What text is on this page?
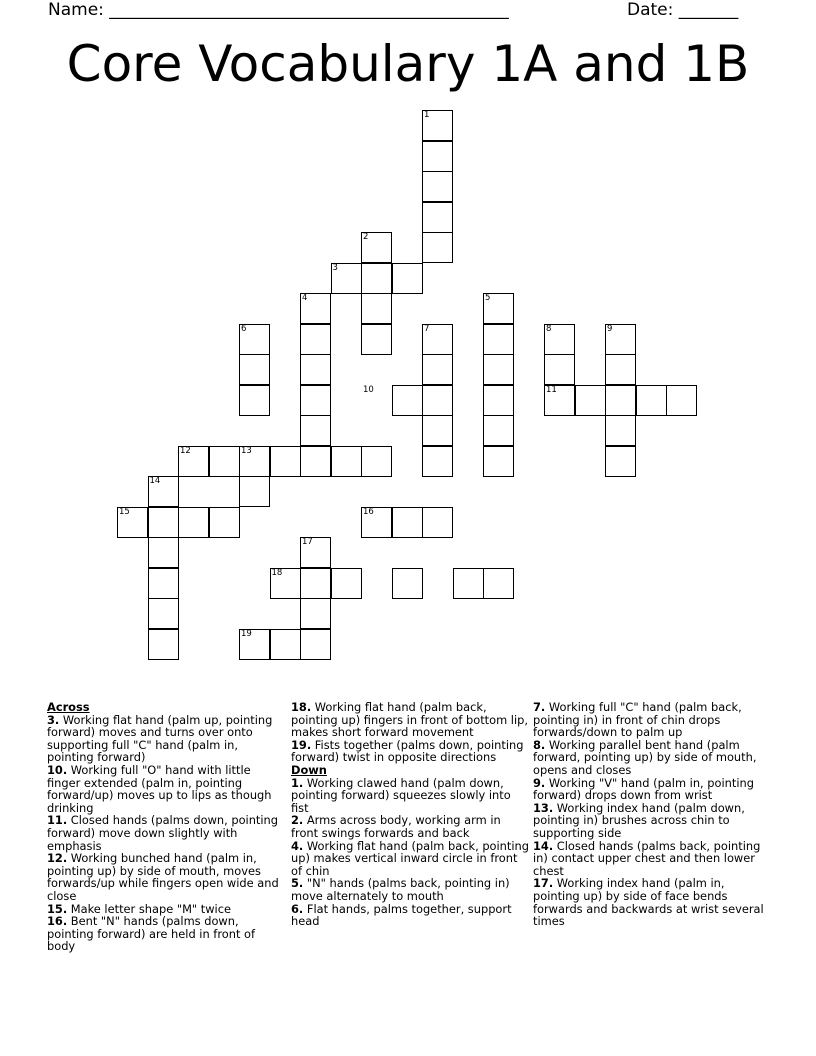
Name: _______________________________________________	Date: _______
Core Vocabulary 1A and 1B
1
2
3
4	5
6	7	8	9
10	11
12	13
14
15	16
17
18
19

Across

3. Working flat hand (palm up, pointing forward) moves and turns over onto supporting full "C" hand (palm in, pointing forward)

10. Working full "O" hand with little finger extended (palm in, pointing forward/up) moves up to lips as though drinking

11. Closed hands (palms down, pointing forward) move down slightly with emphasis

12. Working bunched hand (palm in, pointing up) by side of mouth, moves forwards/up while fingers open wide and close

15. Make letter shape "M" twice

16. Bent "N" hands (palms down, pointing forward) are held in front of body

18. Working flat hand (palm back, pointing up) fingers in front of bottom lip, makes short forward movement

19. Fists together (palms down, pointing forward) twist in opposite directions

Down

1. Working clawed hand (palm down, pointing forward) squeezes slowly into fist

2. Arms across body, working arm in front swings forwards and back

4. Working flat hand (palm back, pointing up) makes vertical inward circle in front of chin

5. "N" hands (palms back, pointing in) move alternately to mouth

6. Flat hands, palms together, support head

7. Working full "C" hand (palm back, pointing in) in front of chin drops forwards/down to palm up

8. Working parallel bent hand (palm forward, pointing up) by side of mouth, opens and closes

9. Working "V" hand (palm in, pointing forward) drops down from wrist

13. Working index hand (palm down, pointing in) brushes across chin to supporting side

14. Closed hands (palms back, pointing in) contact upper chest and then lower chest

17. Working index hand (palm in, pointing up) by side of face bends forwards and backwards at wrist several times
